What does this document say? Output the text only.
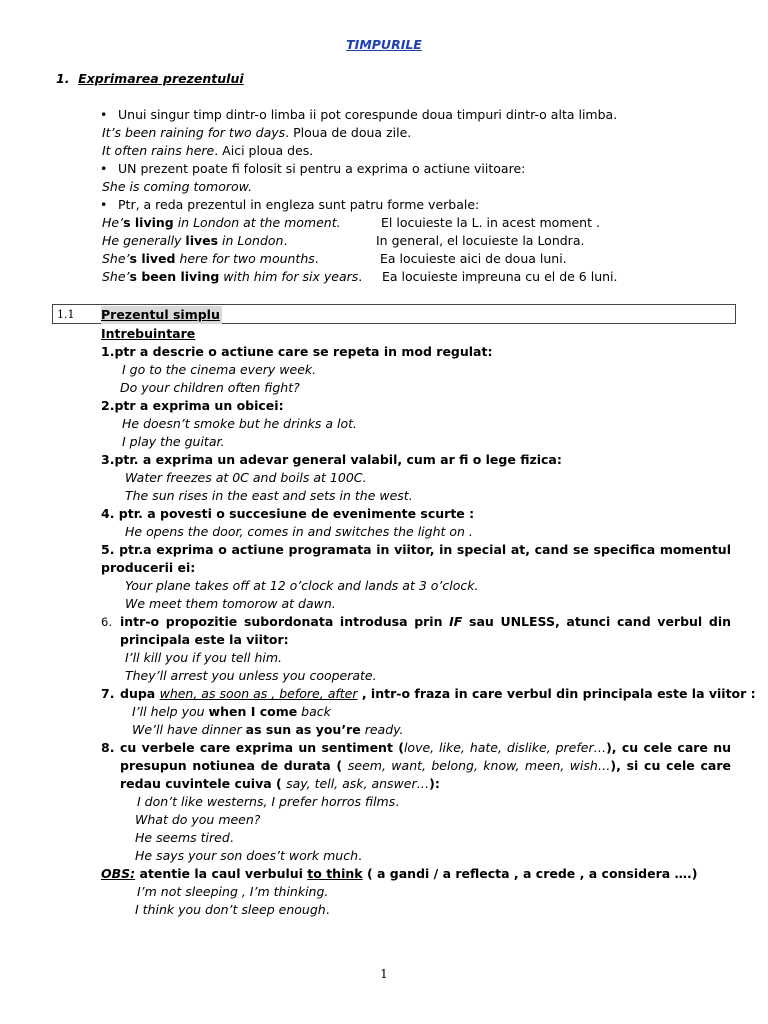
TIMPURILE
1. Exprimarea prezentului
• Unui singur timp dintr-o limba ii pot corespunde doua timpuri dintr-o alta limba.
It’s been raining for two days. Ploua de doua zile.
It often rains here. Aici ploua des.
• UN prezent poate fi folosit si pentru a exprima o actiune viitoare:
She is coming tomorow.
• Ptr, a reda prezentul in engleza sunt patru forme verbale:
He’s living in London at the moment.	El locuieste la L. in acest moment .
He generally lives in London.	In general, el locuieste la Londra.
She’s lived here for two mounths.	Ea locuieste aici de doua luni.
She’s been living with him for six years. Ea locuieste impreuna cu el de 6 luni.
1.1 Prezentul simplu
Intrebuintare
1.ptr a descrie o actiune care se repeta in mod regulat:
I go to the cinema every week.
Do your children often fight?
2.ptr a exprima un obicei:
He doesn’t smoke but he drinks a lot.
I play the guitar.
3.ptr. a exprima un adevar general valabil, cum ar fi o lege fizica:
Water freezes at 0C and boils at 100C.
The sun rises in the east and sets in the west.
4. ptr. a povesti o succesiune de evenimente scurte :
He opens the door, comes in and switches the light on .
5. ptr.a exprima o actiune programata in viitor, in special at, cand se specifica momentul producerii ei:
Your plane takes off at 12 o’clock and lands at 3 o’clock.
We meet them tomorow at dawn.
6. intr-o propozitie subordonata introdusa prin IF sau UNLESS, atunci cand verbul din principala este la viitor:
I’ll kill you if you tell him.
They’ll arrest you unless you cooperate.
7. dupa when, as soon as , before, after , intr-o fraza in care verbul din principala este la viitor :
I’ll help you when I come back
We’ll have dinner as sun as you’re ready.
8. cu verbele care exprima un sentiment (love, like, hate, dislike, prefer…), cu cele care nu presupun notiunea de durata ( seem, want, belong, know, meen, wish…), si cu cele care redau cuvintele cuiva ( say, tell, ask, answer…):
I don’t like westerns, I prefer horros films.
What do you meen?
He seems tired.
He says your son does’t work much.
OBS: atentie la caul verbului to think ( a gandi / a reflecta , a crede , a considera ….)
I’m not sleeping , I’m thinking.
I think you don’t sleep enough.
1
